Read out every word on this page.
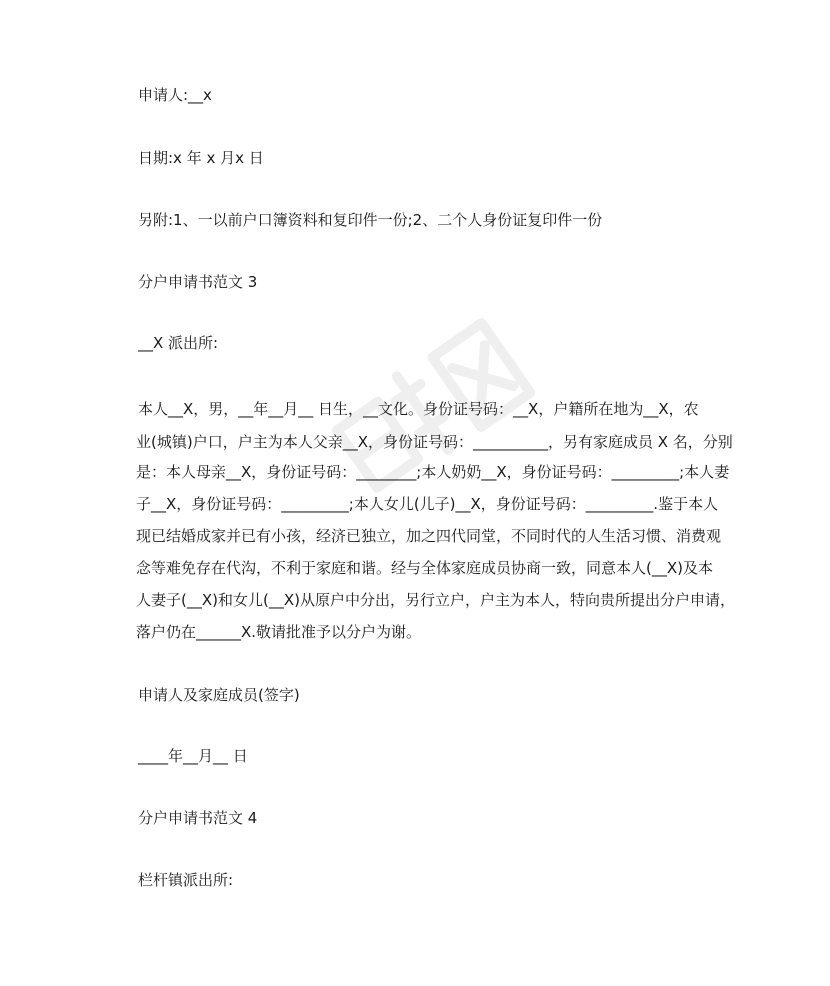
申请人:__x
日期:x 年 x 月x 日
另附:1、一以前户口簿资料和复印件一份;2、二个人身份证复印件一份
分户申请书范文 3
__X 派出所:
本人__X，男，__年__月__ 日生，__文化。身份证号码：__X，户籍所在地为__X，农
业(城镇)户口，户主为本人父亲__X，身份证号码：__________，另有家庭成员 X 名，分别
是：本人母亲__X，身份证号码：________;本人奶奶__X，身份证号码：_________;本人妻
子__X，身份证号码：_________;本人女儿(儿子)__X，身份证号码：_________.鉴于本人
现已结婚成家并已有小孩，经济已独立，加之四代同堂，不同时代的人生活习惯、消费观
念等难免存在代沟，不利于家庭和谐。经与全体家庭成员协商一致，同意本人(__X)及本
人妻子(__X)和女儿(__X)从原户中分出，另行立户，户主为本人，特向贵所提出分户申请，
落户仍在______X.敬请批准予以分户为谢。
申请人及家庭成员(签字)
____年__月__ 日
分户申请书范文 4
栏杆镇派出所:
